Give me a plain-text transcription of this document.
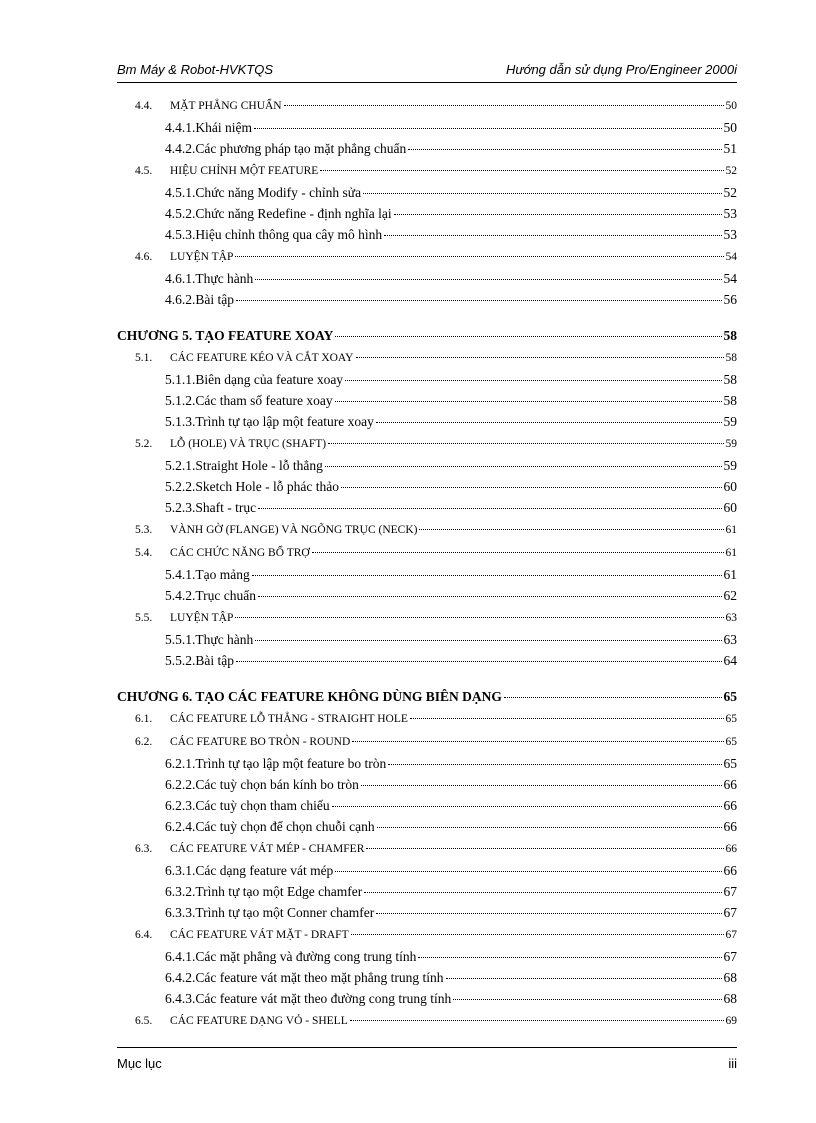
Bm Máy & Robot-HVKTQS	Hướng dẫn sử dụng Pro/Engineer 2000i
4.4. MẶT PHẲNG CHUẨN	50
4.4.1.Khái niệm	50
4.4.2.Các phương pháp tạo mặt phẳng chuẩn	51
4.5. HIỆU CHỈNH MỘT FEATURE	52
4.5.1.Chức năng Modify - chỉnh sửa	52
4.5.2.Chức năng Redefine - định nghĩa lại	53
4.5.3.Hiệu chỉnh thông qua cây mô hình	53
4.6. LUYỆN TẬP	54
4.6.1.Thực hành	54
4.6.2.Bài tập	56
CHƯƠNG 5. TẠO FEATURE XOAY	58
5.1. CÁC FEATURE KÉO VÀ CẮT XOAY	58
5.1.1.Biên dạng của feature xoay	58
5.1.2.Các tham số feature xoay	58
5.1.3.Trình tự tạo lập một feature xoay	59
5.2. LỖ (HOLE) VÀ TRỤC (SHAFT)	59
5.2.1.Straight Hole - lỗ thẳng	59
5.2.2.Sketch Hole - lỗ phác thảo	60
5.2.3.Shaft - trục	60
5.3. VÀNH GỜ (FLANGE) VÀ NGÕNG TRỤC (NECK)	61
5.4. CÁC CHỨC NĂNG BỔ TRỢ	61
5.4.1.Tạo mảng	61
5.4.2.Trục chuẩn	62
5.5. LUYỆN TẬP	63
5.5.1.Thực hành	63
5.5.2.Bài tập	64
CHƯƠNG 6. TẠO CÁC FEATURE KHÔNG DÙNG BIÊN DẠNG	65
6.1. CÁC FEATURE LỖ THẲNG - STRAIGHT HOLE	65
6.2. CÁC FEATURE BO TRÒN - ROUND	65
6.2.1.Trình tự tạo lập một feature bo tròn	65
6.2.2.Các tuỳ chọn bán kính bo tròn	66
6.2.3.Các tuỳ chọn tham chiếu	66
6.2.4.Các tuỳ chọn để chọn chuỗi cạnh	66
6.3. CÁC FEATURE VÁT MÉP - CHAMFER	66
6.3.1.Các dạng feature vát mép	66
6.3.2.Trình tự tạo một Edge chamfer	67
6.3.3.Trình tự tạo một Conner chamfer	67
6.4. CÁC FEATURE VÁT MẶT - DRAFT	67
6.4.1.Các mặt phẳng và đường cong trung tính	67
6.4.2.Các feature vát mặt theo mặt phẳng trung tính	68
6.4.3.Các feature vát mặt theo đường cong trung tính	68
6.5. CÁC FEATURE DẠNG VỎ - SHELL	69
Mục lục	iii
